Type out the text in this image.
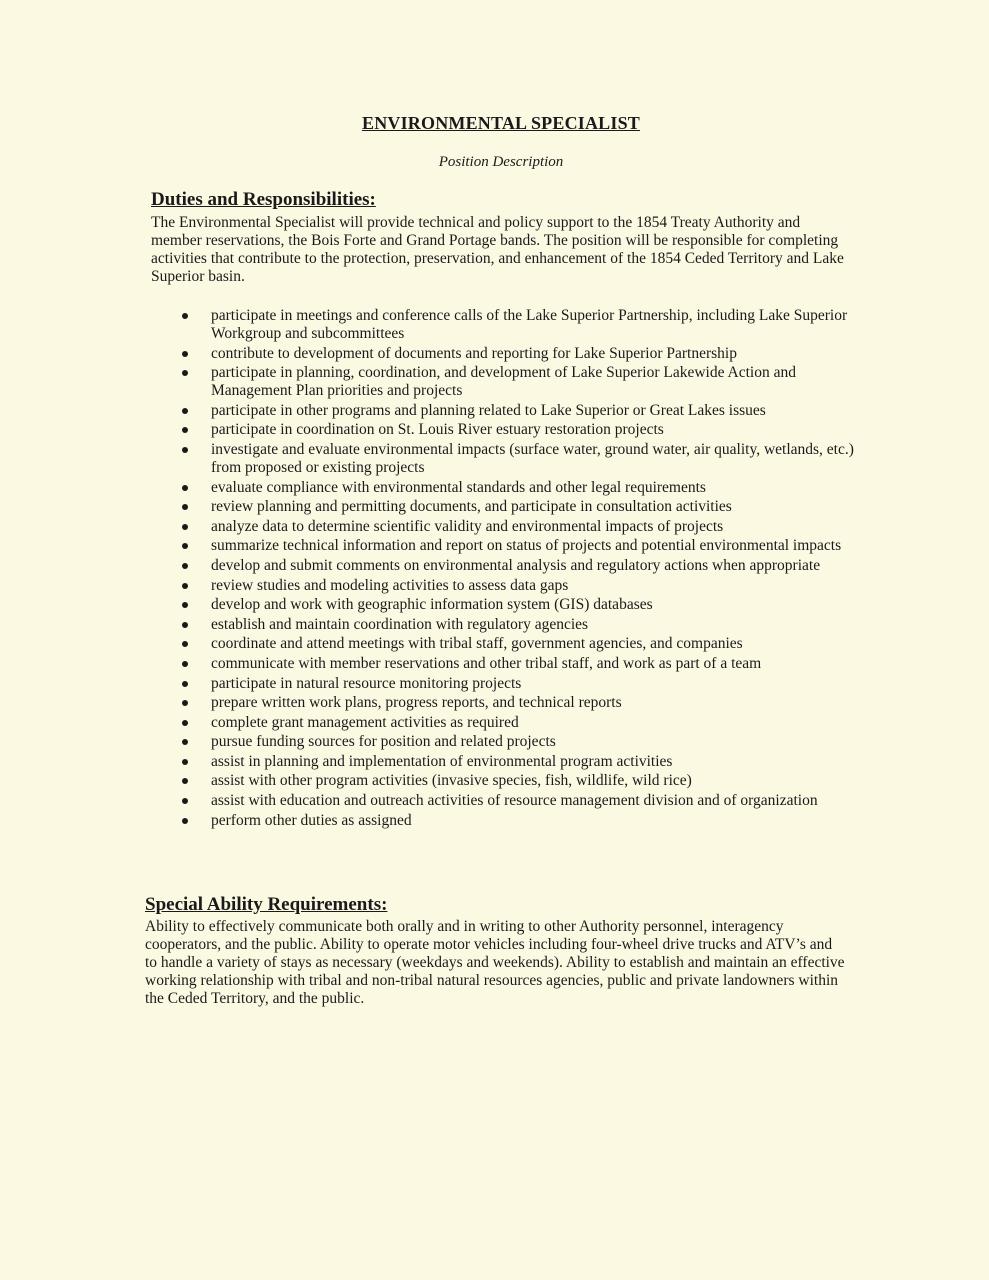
ENVIRONMENTAL SPECIALIST
Position Description
Duties and Responsibilities:

The Environmental Specialist will provide technical and policy support to the 1854 Treaty Authority and member reservations, the Bois Forte and Grand Portage bands. The position will be responsible for completing activities that contribute to the protection, preservation, and enhancement of the 1854 Ceded Territory and Lake Superior basin.

participate in meetings and conference calls of the Lake Superior Partnership, including Lake Superior Workgroup and subcommittees
contribute to development of documents and reporting for Lake Superior Partnership
participate in planning, coordination, and development of Lake Superior Lakewide Action and Management Plan priorities and projects
participate in other programs and planning related to Lake Superior or Great Lakes issues
participate in coordination on St. Louis River estuary restoration projects
investigate and evaluate environmental impacts (surface water, ground water, air quality, wetlands, etc.) from proposed or existing projects
evaluate compliance with environmental standards and other legal requirements
review planning and permitting documents, and participate in consultation activities
analyze data to determine scientific validity and environmental impacts of projects
summarize technical information and report on status of projects and potential environmental impacts
develop and submit comments on environmental analysis and regulatory actions when appropriate
review studies and modeling activities to assess data gaps
develop and work with geographic information system (GIS) databases
establish and maintain coordination with regulatory agencies
coordinate and attend meetings with tribal staff, government agencies, and companies
communicate with member reservations and other tribal staff, and work as part of a team
participate in natural resource monitoring projects
prepare written work plans, progress reports, and technical reports
complete grant management activities as required
pursue funding sources for position and related projects
assist in planning and implementation of environmental program activities
assist with other program activities (invasive species, fish, wildlife, wild rice)
assist with education and outreach activities of resource management division and of organization
perform other duties as assigned
Special Ability Requirements:

Ability to effectively communicate both orally and in writing to other Authority personnel, interagency cooperators, and the public. Ability to operate motor vehicles including four-wheel drive trucks and ATV’s and to handle a variety of stays as necessary (weekdays and weekends). Ability to establish and maintain an effective working relationship with tribal and non-tribal natural resources agencies, public and private landowners within the Ceded Territory, and the public.
